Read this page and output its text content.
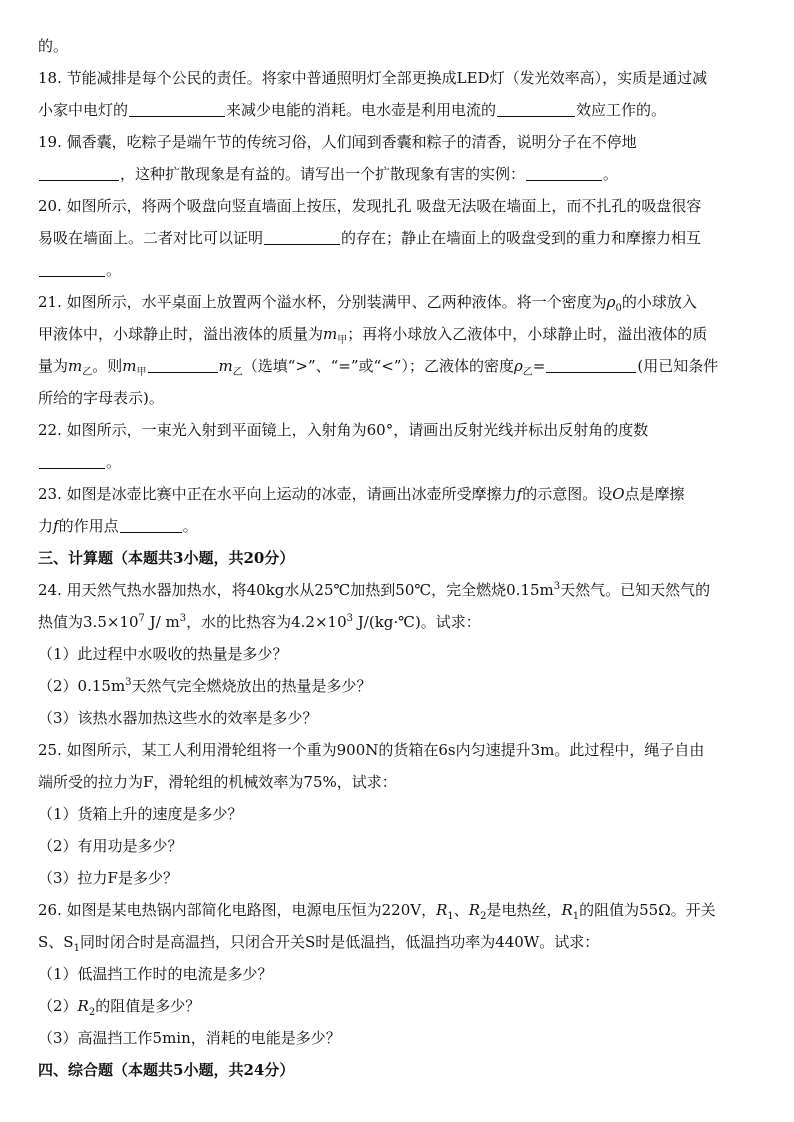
的。
18. 节能减排是每个公民的责任。将家中普通照明灯全部更换成LED灯（发光效率高），实质是通过减
小家中电灯的	来减少电能的消耗。电水壶是利用电流的	效应工作的。
19. 佩香囊，吃粽子是端午节的传统习俗，人们闻到香囊和粽子的清香，说明分子在不停地
，这种扩散现象是有益的。请写出一个扩散现象有害的实例：	。
20. 如图所示，将两个吸盘向竖直墙面上按压，发现扎孔 吸盘无法吸在墙面上，而不扎孔的吸盘很容
易吸在墙面上。二者对比可以证明	的存在；静止在墙面上的吸盘受到的重力和摩擦力相互
。
21. 如图所示，水平桌面上放置两个溢水杯，分别装满甲、乙两种液体。将一个密度为$\rho_0$的小球放入
甲液体中，小球静止时，溢出液体的质量为$m_甲$；再将小球放入乙液体中，小球静止时，溢出液体的质
量为$m_乙$。则$m_甲$	$m_乙$（选填“>”、“=”或“<”）；乙液体的密度$\rho_乙=$	(用已知条件
所给的字母表示)。
22. 如图所示，一束光入射到平面镜上，入射角为60°，请画出反射光线并标出反射角的度数
。
23. 如图是冰壶比赛中正在水平向上运动的冰壶，请画出冰壶所受摩擦力f的示意图。设O点是摩擦
力f的作用点	。
三、计算题（本题共3小题，共20分）
24. 用天然气热水器加热水，将40kg水从25℃加热到50℃，完全燃烧$0.15m^3$天然气。已知天然气的
热值为$3.5\times 10^7$ J/ $m^3$，水的比热容为$4.2\times 10^3$ J/(kg·℃)。试求：
（1）此过程中水吸收的热量是多少？
$(2)0.15m^3$天然气完全燃烧放出的热量是多少？
（3）该热水器加热这些水的效率是多少？
25. 如图所示，某工人利用滑轮组将一个重为900N的货箱在6s内匀速提升3m。此过程中，绳子自由
端所受的拉力为F，滑轮组的机械效率为75%，试求：
（1）货箱上升的速度是多少？
（2）有用功是多少？
（3）拉力F是多少？
26. 如图是某电热锅内部简化电路图，电源电压恒为220V，$R_1$、$R_2$是电热丝，$R_1$的阻值为55Ω。开关
S、$S_1$同时闭合时是高温挡，只闭合开关S时是低温挡，低温挡功率为440W。试求：
（1）低温挡工作时的电流是多少？
$(2)R_2$的阻值是多少？
（3）高温挡工作5min，消耗的电能是多少？
四、综合题（本题共5小题，共24分）
